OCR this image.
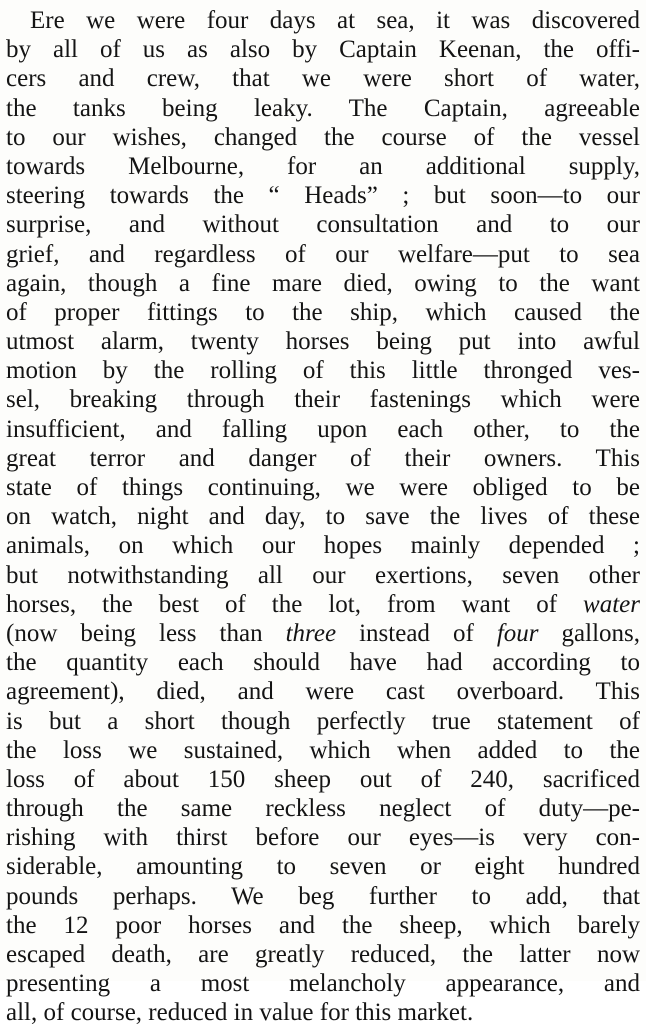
Ere we were four days at sea, it was discovered
by all of us as also by Captain Keenan, the offi-
cers and crew, that we were short of water,
the tanks being leaky. The Captain, agreeable
to our wishes, changed the course of the vessel
towards Melbourne, for an additional supply,
steering towards the “ Heads” ; but soon—to our
surprise, and without consultation and to our
grief, and regardless of our welfare—put to sea
again, though a fine mare died, owing to the want
of proper fittings to the ship, which caused the
utmost alarm, twenty horses being put into awful
motion by the rolling of this little thronged ves-
sel, breaking through their fastenings which were
insufficient, and falling upon each other, to the
great terror and danger of their owners. This
state of things continuing, we were obliged to be
on watch, night and day, to save the lives of these
animals, on which our hopes mainly depended ;
but notwithstanding all our exertions, seven other
horses, the best of the lot, from want of water
(now being less than three instead of four gallons,
the quantity each should have had according to
agreement), died, and were cast overboard. This
is but a short though perfectly true statement of
the loss we sustained, which when added to the
loss of about 150 sheep out of 240, sacrificed
through the same reckless neglect of duty—pe-
rishing with thirst before our eyes—is very con-
siderable, amounting to seven or eight hundred
pounds perhaps. We beg further to add, that
the 12 poor horses and the sheep, which barely
escaped death, are greatly reduced, the latter now
presenting a most melancholy appearance, and
all, of course, reduced in value for this market.
